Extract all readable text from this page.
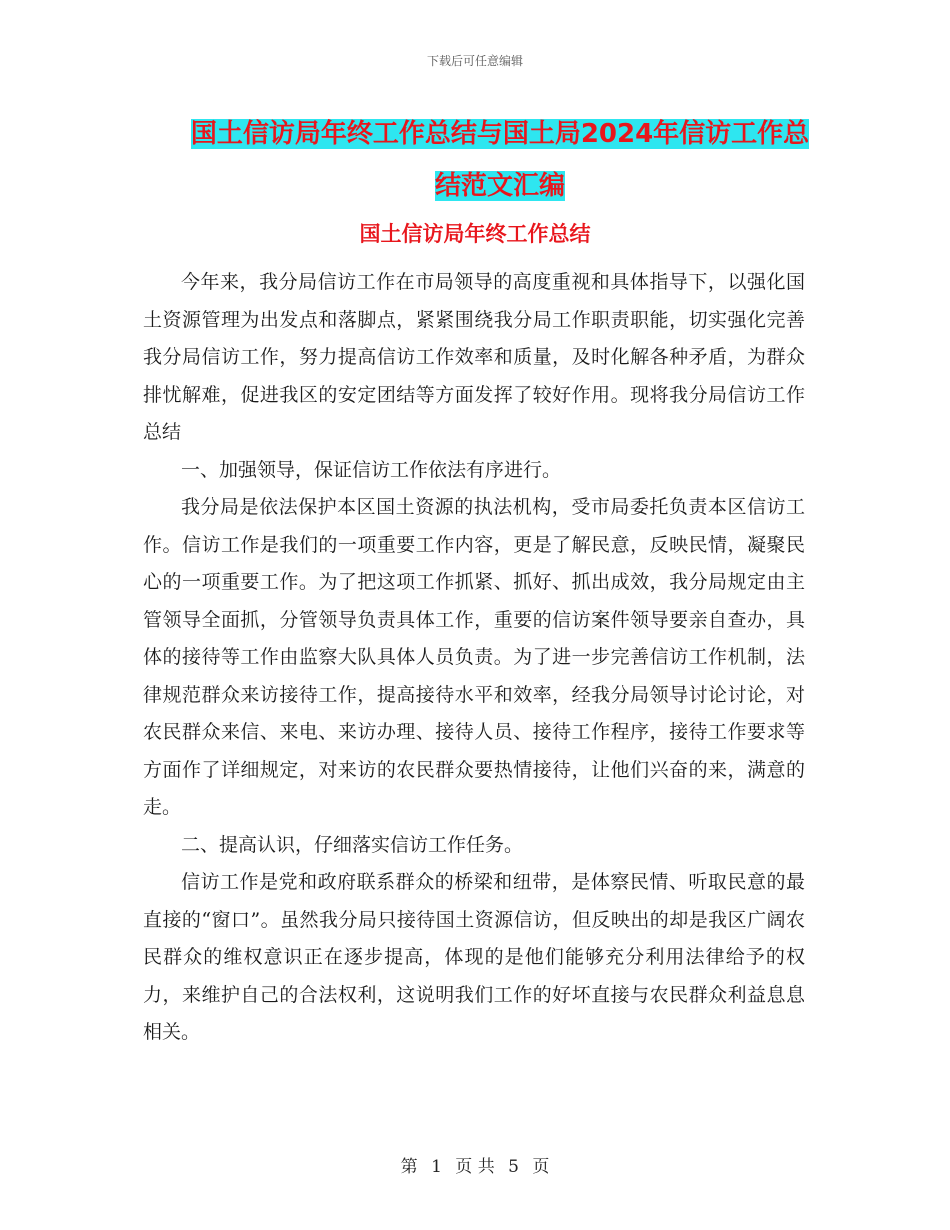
下载后可任意编辑
国土信访局年终工作总结与国土局2024年信访工作总
结范文汇编
国土信访局年终工作总结

今年来，我分局信访工作在市局领导的高度重视和具体指导下，以强化国土资源管理为出发点和落脚点，紧紧围绕我分局工作职责职能，切实强化完善我分局信访工作，努力提高信访工作效率和质量，及时化解各种矛盾，为群众排忧解难，促进我区的安定团结等方面发挥了较好作用。现将我分局信访工作总结

一、加强领导，保证信访工作依法有序进行。

我分局是依法保护本区国土资源的执法机构，受市局委托负责本区信访工作。信访工作是我们的一项重要工作内容，更是了解民意，反映民情，凝聚民心的一项重要工作。为了把这项工作抓紧、抓好、抓出成效，我分局规定由主管领导全面抓，分管领导负责具体工作，重要的信访案件领导要亲自查办，具体的接待等工作由监察大队具体人员负责。为了进一步完善信访工作机制，法律规范群众来访接待工作，提高接待水平和效率，经我分局领导讨论讨论，对农民群众来信、来电、来访办理、接待人员、接待工作程序，接待工作要求等方面作了详细规定，对来访的农民群众要热情接待，让他们兴奋的来，满意的走。

二、提高认识，仔细落实信访工作任务。

信访工作是党和政府联系群众的桥梁和纽带，是体察民情、听取民意的最直接的“窗口”。虽然我分局只接待国土资源信访，但反映出的却是我区广阔农民群众的维权意识正在逐步提高，体现的是他们能够充分利用法律给予的权力，来维护自己的合法权利，这说明我们工作的好坏直接与农民群众利益息息相关。

第 1 页 共 5 页
